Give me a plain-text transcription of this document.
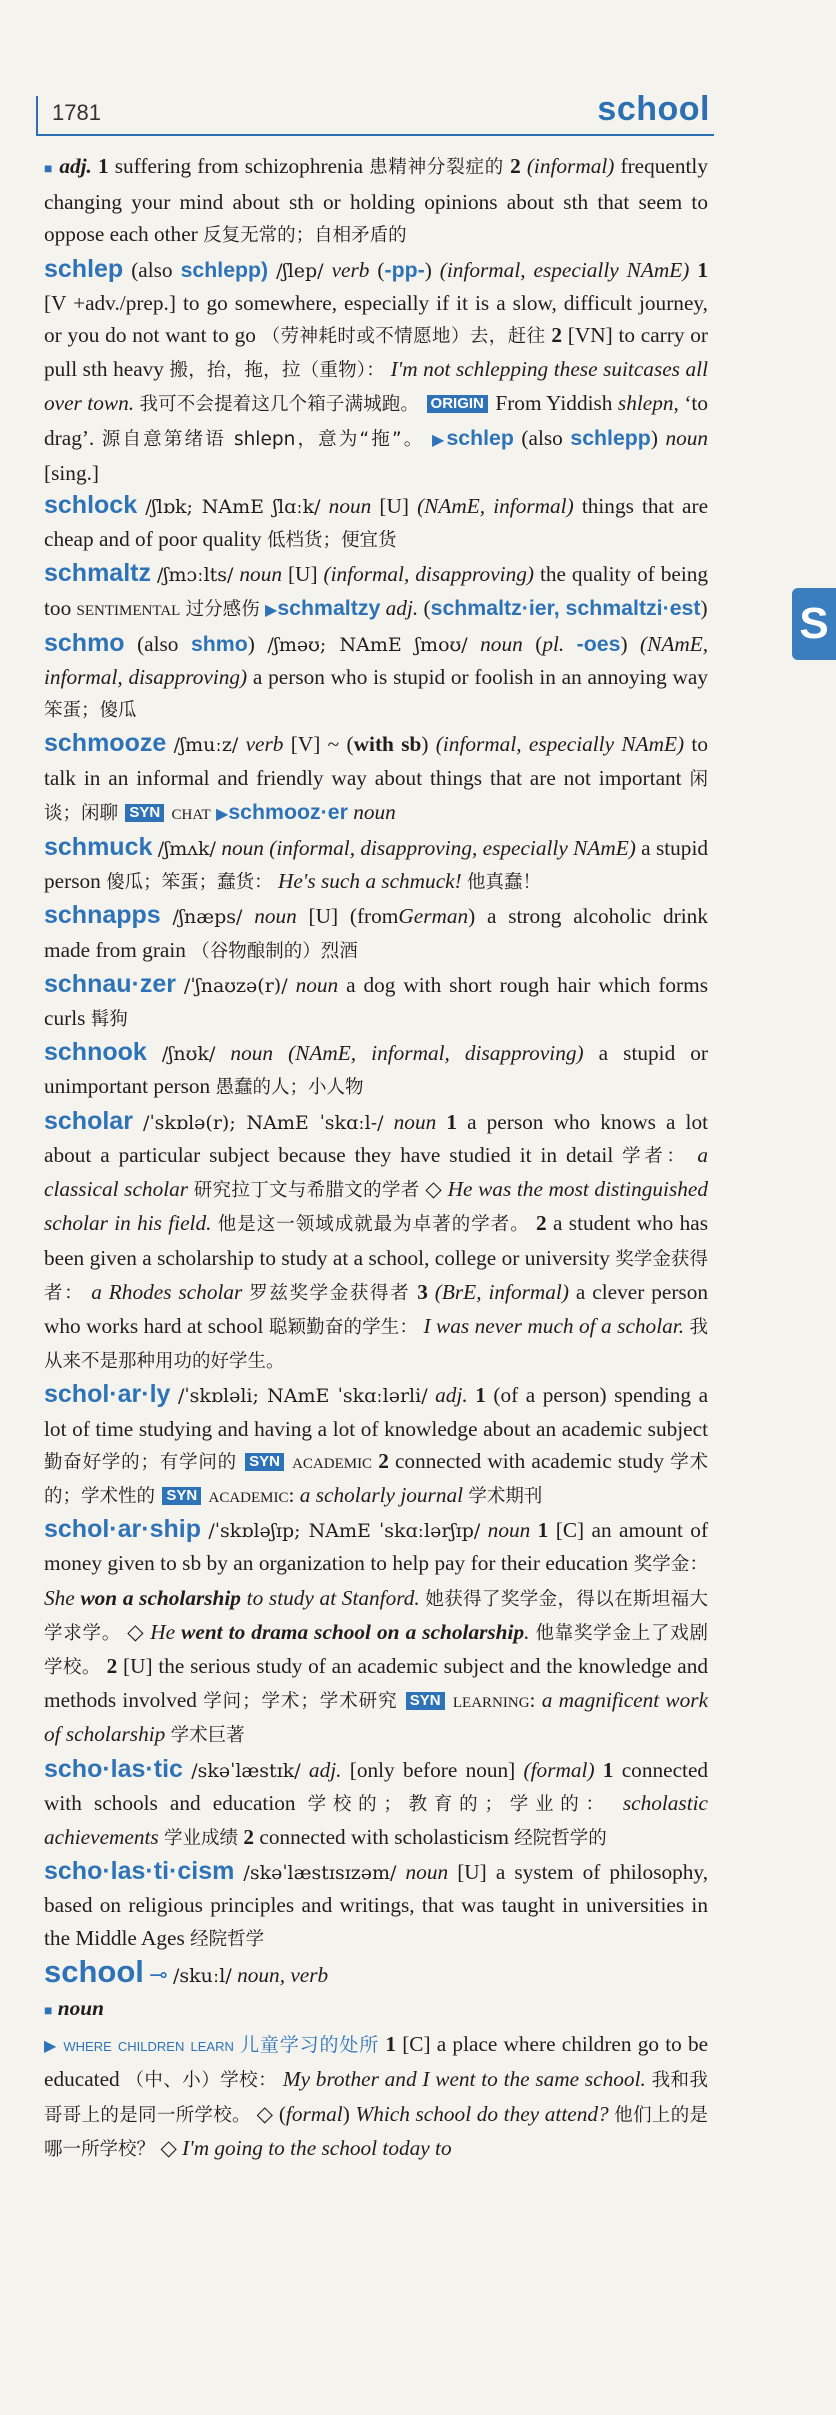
1781	school
S

■ adj. 1 suffering from schizophrenia 患精神分裂症的 2 (informal) frequently changing your mind about sth or holding opinions about sth that seem to oppose each other 反复无常的；自相矛盾的

schlep (also schlepp) /ʃlep/ verb (-pp-) (informal, especially NAmE) 1 [V +adv./prep.] to go somewhere, especially if it is a slow, difficult journey, or you do not want to go （劳神耗时或不情愿地）去，赶往 2 [VN] to carry or pull sth heavy 搬，抬，拖，拉（重物）： I'm not schlepping these suitcases all over town. 我可不会提着这几个箱子满城跑。 ORIGIN From Yiddish shlepn, ‘to drag’. 源自意第绪语 shlepn，意为“拖”。 ▶schlep (also schlepp) noun [sing.]

schlock /ʃlɒk; NAmE ʃlɑːk/ noun [U] (NAmE, informal) things that are cheap and of poor quality 低档货；便宜货

schmaltz /ʃmɔːlts/ noun [U] (informal, disapproving) the quality of being too sentimental 过分感伤 ▶schmaltzy adj. (schmaltz·ier, schmaltzi·est)

schmo (also shmo) /ʃməʊ; NAmE ʃmoʊ/ noun (pl. -oes) (NAmE, informal, disapproving) a person who is stupid or foolish in an annoying way 笨蛋；傻瓜

schmooze /ʃmuːz/ verb [V] ~ (with sb) (informal, especially NAmE) to talk in an informal and friendly way about things that are not important 闲谈；闲聊 SYN chat ▶schmooz·er noun

schmuck /ʃmʌk/ noun (informal, disapproving, especially NAmE) a stupid person 傻瓜；笨蛋；蠢货： He's such a schmuck! 他真蠢！

schnapps /ʃnæps/ noun [U] (fromGerman) a strong alcoholic drink made from grain （谷物酿制的）烈酒

schnau·zer /ˈʃnaʊzə(r)/ noun a dog with short rough hair which forms curls 髯狗

schnook /ʃnʊk/ noun (NAmE, informal, disapproving) a stupid or unimportant person 愚蠢的人；小人物

scholar /ˈskɒlə(r); NAmE ˈskɑːl-/ noun 1 a person who knows a lot about a particular subject because they have studied it in detail 学者： a classical scholar 研究拉丁文与希腊文的学者 ◇ He was the most distinguished scholar in his field. 他是这一领域成就最为卓著的学者。 2 a student who has been given a scholarship to study at a school, college or university 奖学金获得者： a Rhodes scholar 罗兹奖学金获得者 3 (BrE, informal) a clever person who works hard at school 聪颖勤奋的学生： I was never much of a scholar. 我从来不是那种用功的好学生。

schol·ar·ly /ˈskɒləli; NAmE ˈskɑːlərli/ adj. 1 (of a person) spending a lot of time studying and having a lot of knowledge about an academic subject 勤奋好学的；有学问的 SYN academic 2 connected with academic study 学术的；学术性的 SYN academic: a scholarly journal 学术期刊

schol·ar·ship /ˈskɒləʃɪp; NAmE ˈskɑːlərʃɪp/ noun 1 [C] an amount of money given to sb by an organization to help pay for their education 奖学金： She won a scholarship to study at Stanford. 她获得了奖学金，得以在斯坦福大学求学。 ◇ He went to drama school on a scholarship. 他靠奖学金上了戏剧学校。 2 [U] the serious study of an academic subject and the knowledge and methods involved 学问；学术；学术研究 SYN learning: a magnificent work of scholarship 学术巨著

scho·las·tic /skəˈlæstɪk/ adj. [only before noun] (formal) 1 connected with schools and education 学校的；教育的；学业的： scholastic achievements 学业成绩 2 connected with scholasticism 经院哲学的

scho·las·ti·cism /skəˈlæstɪsɪzəm/ noun [U] a system of philosophy, based on religious principles and writings, that was taught in universities in the Middle Ages 经院哲学

school ⊸ /skuːl/ noun, verb

■ noun

▶ where children learn 儿童学习的处所 1 [C] a place where children go to be educated （中、小）学校： My brother and I went to the same school. 我和我哥哥上的是同一所学校。 ◇ (formal) Which school do they attend? 他们上的是哪一所学校？ ◇ I'm going to the school today to
